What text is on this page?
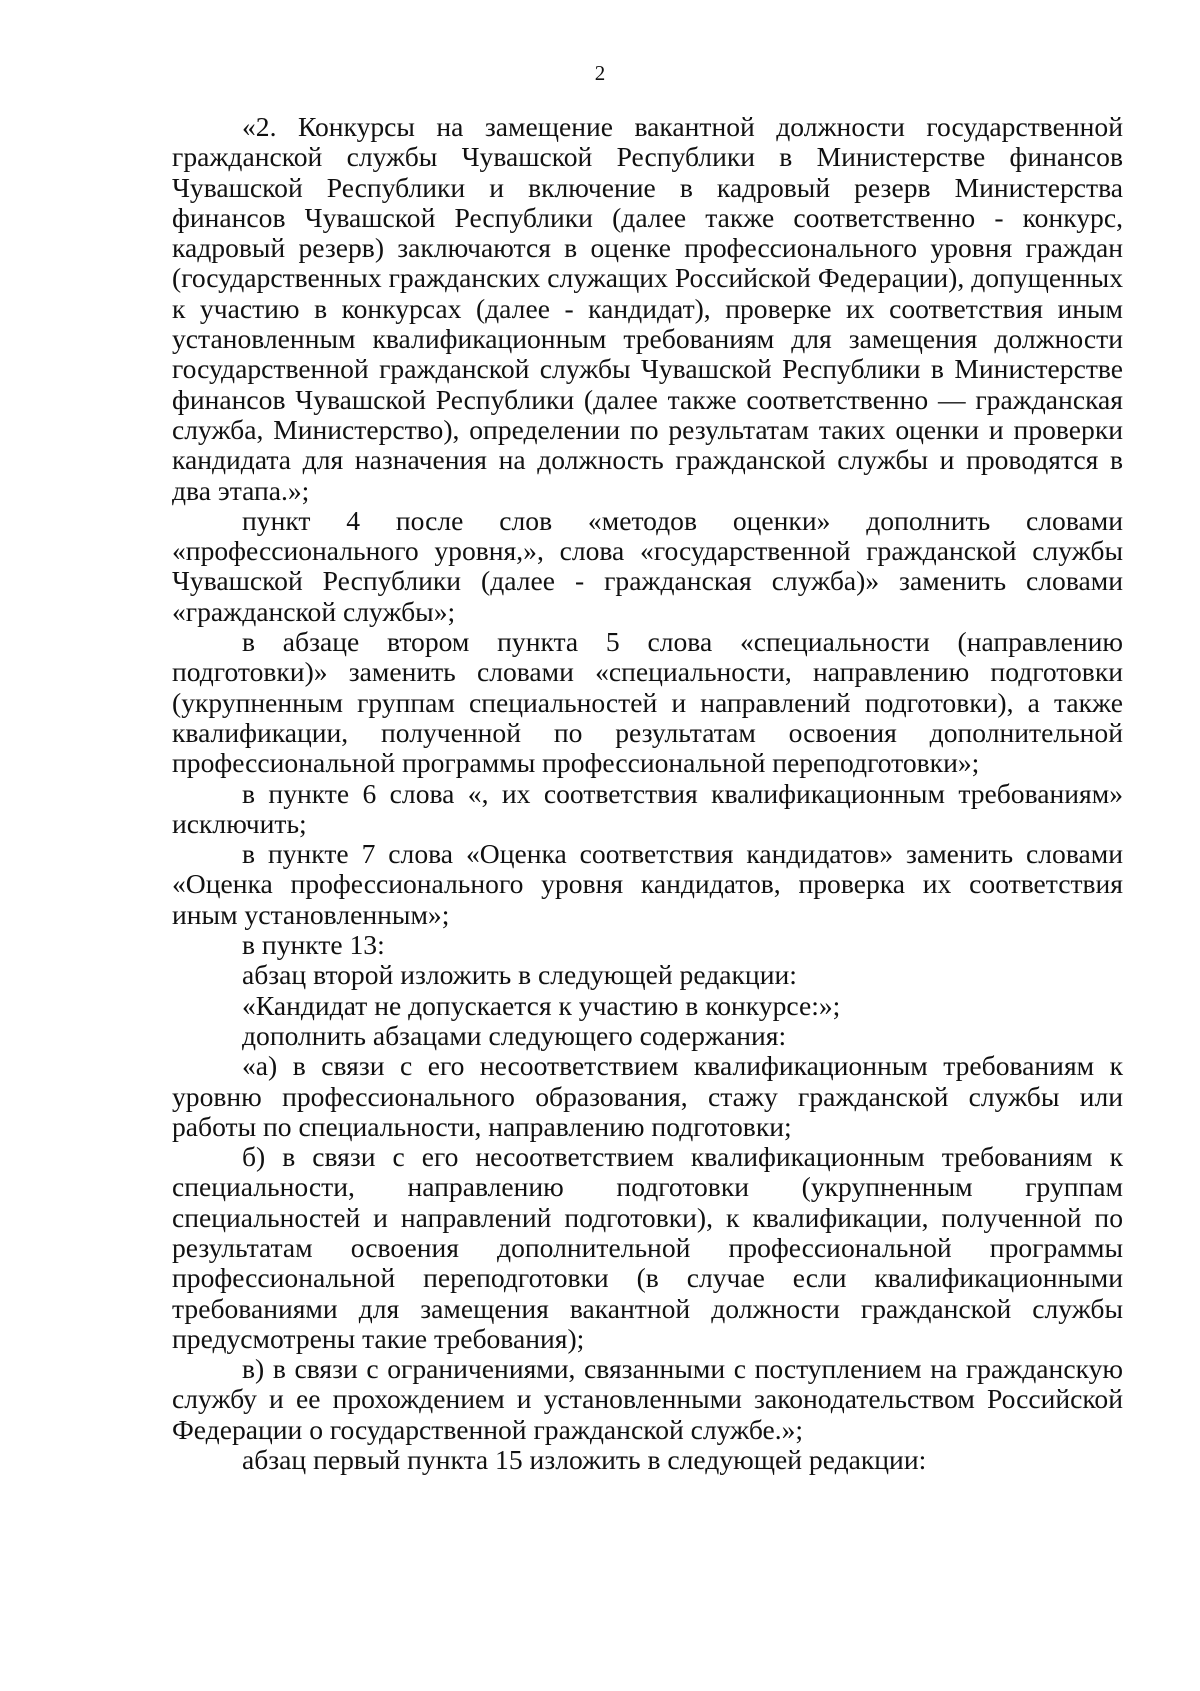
2

«2. Конкурсы на замещение вакантной должности государственной гражданской службы Чувашской Республики в Министерстве финансов Чувашской Республики и включение в кадровый резерв Министерства финансов Чувашской Республики (далее также соответственно - конкурс, кадровый резерв) заключаются в оценке профессионального уровня граждан (государственных гражданских служащих Российской Федерации), допущенных к участию в конкурсах (далее - кандидат), проверке их соответствия иным установленным квалификационным требованиям для замещения должности государственной гражданской службы Чувашской Республики в Министерстве финансов Чувашской Республики (далее также соответственно — гражданская служба, Министерство), определении по результатам таких оценки и проверки кандидата для назначения на должность гражданской службы и проводятся в два этапа.»;

пункт 4 после слов «методов оценки» дополнить словами «профессионального уровня,», слова «государственной гражданской службы Чувашской Республики (далее - гражданская служба)» заменить словами «гражданской службы»;

в абзаце втором пункта 5 слова «специальности (направлению подготовки)» заменить словами «специальности, направлению подготовки (укрупненным группам специальностей и направлений подготовки), а также квалификации, полученной по результатам освоения дополнительной профессиональной программы профессиональной переподготовки»;

в пункте 6 слова «, их соответствия квалификационным требованиям» исключить;

в пункте 7 слова «Оценка соответствия кандидатов» заменить словами «Оценка профессионального уровня кандидатов, проверка их соответствия иным установленным»;

в пункте 13:

абзац второй изложить в следующей редакции:

«Кандидат не допускается к участию в конкурсе:»;

дополнить абзацами следующего содержания:

«а) в связи с его несоответствием квалификационным требованиям к уровню профессионального образования, стажу гражданской службы или работы по специальности, направлению подготовки;

б) в связи с его несоответствием квалификационным требованиям к специальности, направлению подготовки (укрупненным группам специальностей и направлений подготовки), к квалификации, полученной по результатам освоения дополнительной профессиональной программы профессиональной переподготовки (в случае если квалификационными требованиями для замещения вакантной должности гражданской службы предусмотрены такие требования);

в) в связи с ограничениями, связанными с поступлением на гражданскую службу и ее прохождением и установленными законодательством Российской Федерации о государственной гражданской службе.»;

абзац первый пункта 15 изложить в следующей редакции:
